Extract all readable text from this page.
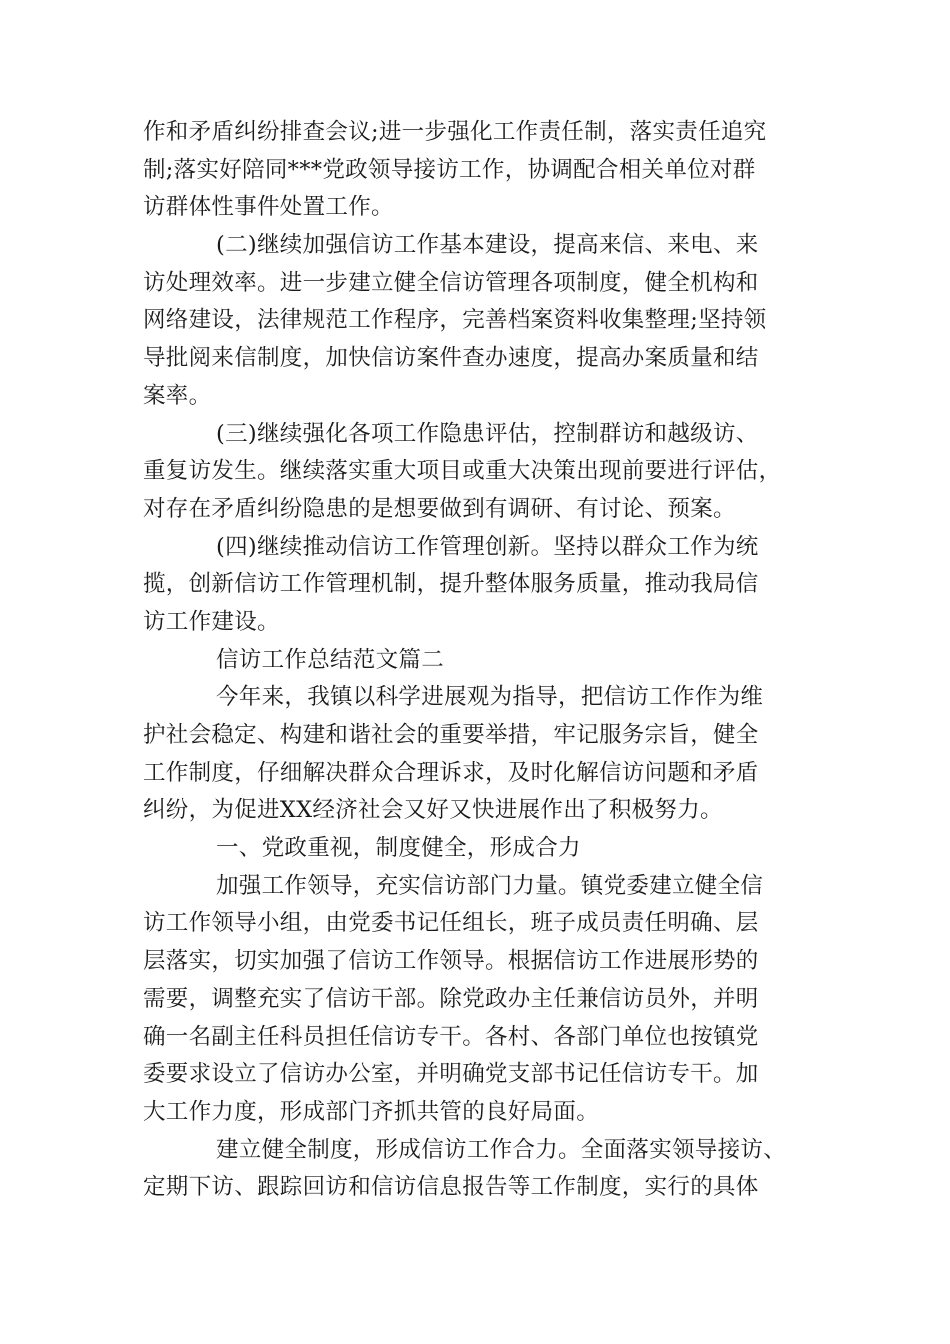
作和矛盾纠纷排查会议;进一步强化工作责任制，落实责任追究
制;落实好陪同***党政领导接访工作，协调配合相关单位对群
访群体性事件处置工作。
(二)继续加强信访工作基本建设，提高来信、来电、来
访处理效率。进一步建立健全信访管理各项制度，健全机构和
网络建设，法律规范工作程序，完善档案资料收集整理;坚持领
导批阅来信制度，加快信访案件查办速度，提高办案质量和结
案率。
(三)继续强化各项工作隐患评估，控制群访和越级访、
重复访发生。继续落实重大项目或重大决策出现前要进行评估，
对存在矛盾纠纷隐患的是想要做到有调研、有讨论、预案。
(四)继续推动信访工作管理创新。坚持以群众工作为统
揽，创新信访工作管理机制，提升整体服务质量，推动我局信
访工作建设。
信访工作总结范文篇二
今年来，我镇以科学进展观为指导，把信访工作作为维
护社会稳定、构建和谐社会的重要举措，牢记服务宗旨，健全
工作制度，仔细解决群众合理诉求，及时化解信访问题和矛盾
纠纷，为促进XX经济社会又好又快进展作出了积极努力。
一、党政重视，制度健全，形成合力
加强工作领导，充实信访部门力量。镇党委建立健全信
访工作领导小组，由党委书记任组长，班子成员责任明确、层
层落实，切实加强了信访工作领导。根据信访工作进展形势的
需要，调整充实了信访干部。除党政办主任兼信访员外，并明
确一名副主任科员担任信访专干。各村、各部门单位也按镇党
委要求设立了信访办公室，并明确党支部书记任信访专干。加
大工作力度，形成部门齐抓共管的良好局面。
建立健全制度，形成信访工作合力。全面落实领导接访、
定期下访、跟踪回访和信访信息报告等工作制度，实行的具体
